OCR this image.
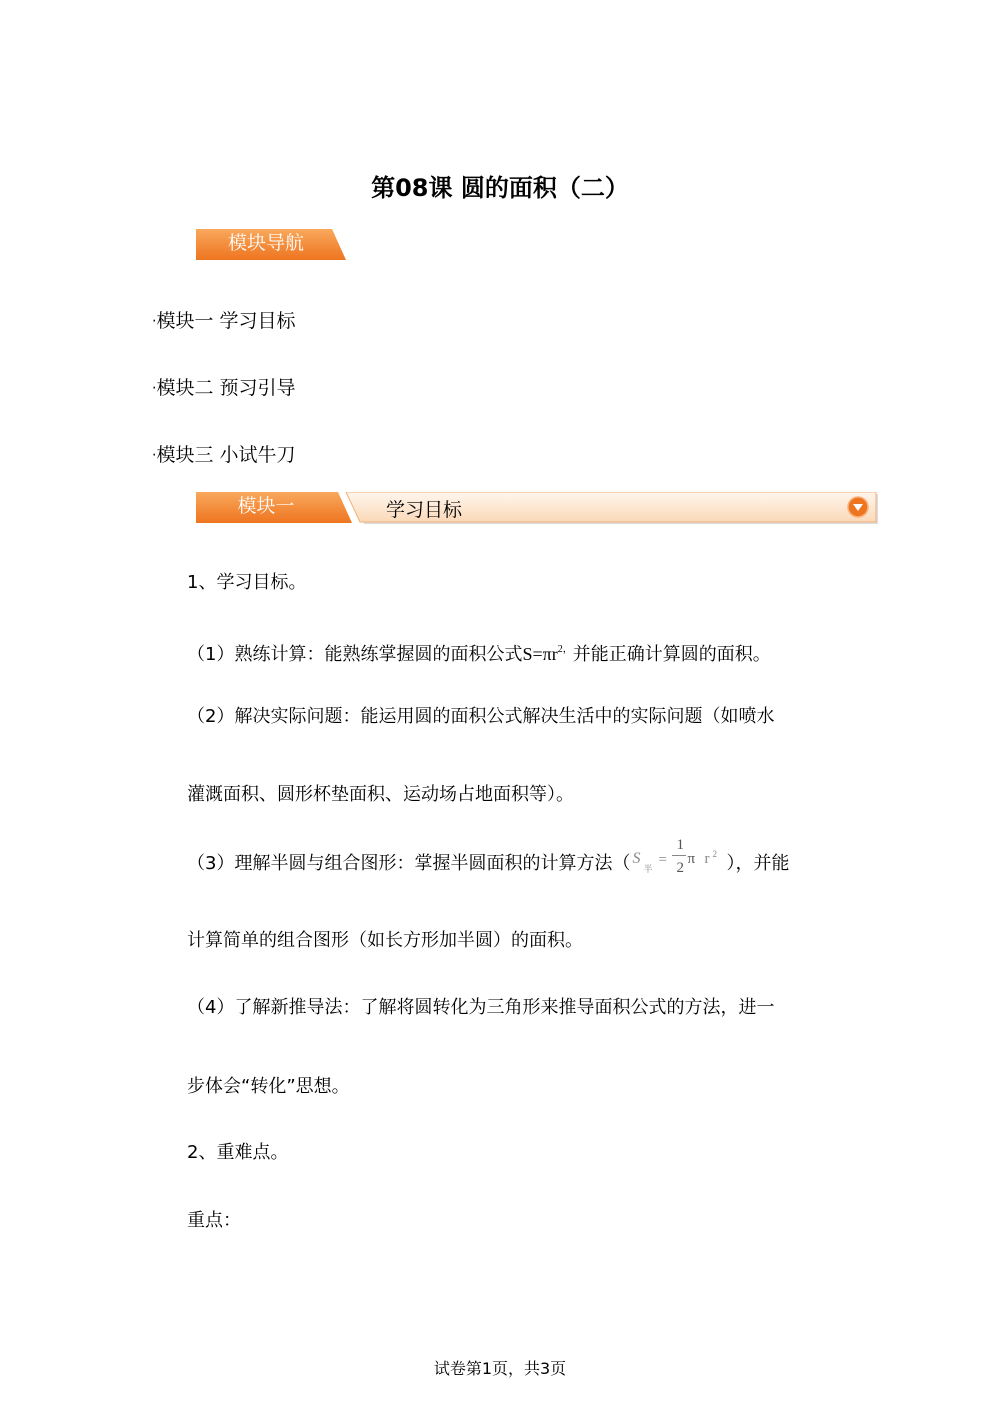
第08课 圆的面积（二）
模块导航
·模块一 学习目标
·模块二 预习引导
·模块三 小试牛刀
模块一	学习目标
1、学习目标。
（1）熟练计算：能熟练掌握圆的面积公式$S=\pi r^{2,}$并能正确计算圆的面积。
（2）解决实际问题：能运用圆的面积公式解决生活中的实际问题（如喷水
灌溉面积、圆形杯垫面积、运动场占地面积等）。
（3）理解半圆与组合图形：掌握半圆面积的计算方法（ S
半
=
1
2
π r 2 ），并能
计算简单的组合图形（如长方形加半圆）的面积。
（4）了解新推导法：了解将圆转化为三角形来推导面积公式的方法，进一
步体会“转化”思想。
2、重难点。
重点：
试卷第1页，共3页
